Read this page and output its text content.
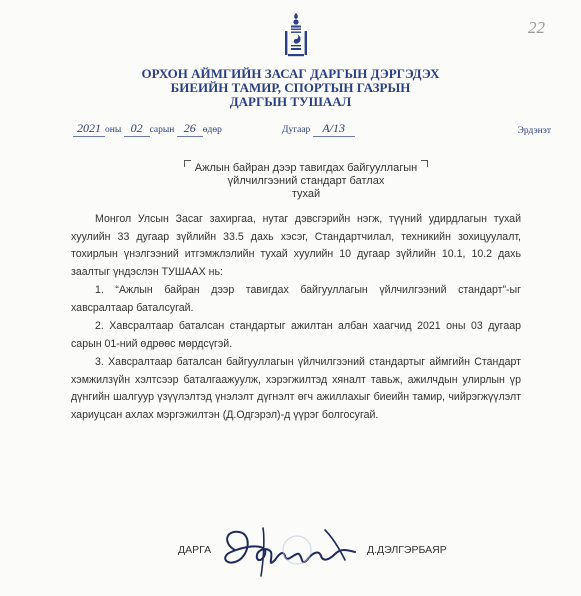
22
ОРХОН АЙМГИЙН ЗАСАГ ДАРГЫН ДЭРГЭДЭХ
БИЕИЙН ТАМИР, СПОРТЫН ГАЗРЫН
ДАРГЫН ТУШААЛ
2021 оны 02 сарын 26 өдөр	Дугаар А/13	Эрдэнэт
Ажлын байран дээр тавигдах байгууллагын
үйлчилгээний стандарт батлах
тухай

Монгол Улсын Засаг захиргаа, нутаг дэвсгэрийн нэгж, түүний удирдлагын тухай хуулийн 33 дугаар зүйлийн 33.5 дахь хэсэг, Стандартчилал, техникийн зохицуулалт, тохирлын үнэлгээний итгэмжлэлийн тухай хуулийн 10 дугаар зүйлийн 10.1, 10.2 дахь заалтыг үндэслэн ТУШААХ нь:

1. “Ажлын байран дээр тавигдах байгууллагын үйлчилгээний стандарт”-ыг хавсралтаар баталсугай.

2. Хавсралтаар баталсан стандартыг ажилтан албан хаагчид 2021 оны 03 дугаар сарын 01-ний өдрөөс мөрдсүгэй.

3. Хавсралтаар баталсан байгууллагын үйлчилгээний стандартыг аймгийн Стандарт хэмжилзүйн хэлтсээр баталгаажуулж, хэрэгжилтэд хяналт тавьж, ажилчдын улирлын үр дүнгийн шалгуур үзүүлэлтэд үнэлэлт дүгнэлт өгч ажиллахыг биеийн тамир, чийрэгжүүлэлт хариуцсан ахлах мэргэжилтэн (Д.Одгэрэл)-д үүрэг болгосугай.

ДАРГА	Д.ДЭЛГЭРБАЯР
